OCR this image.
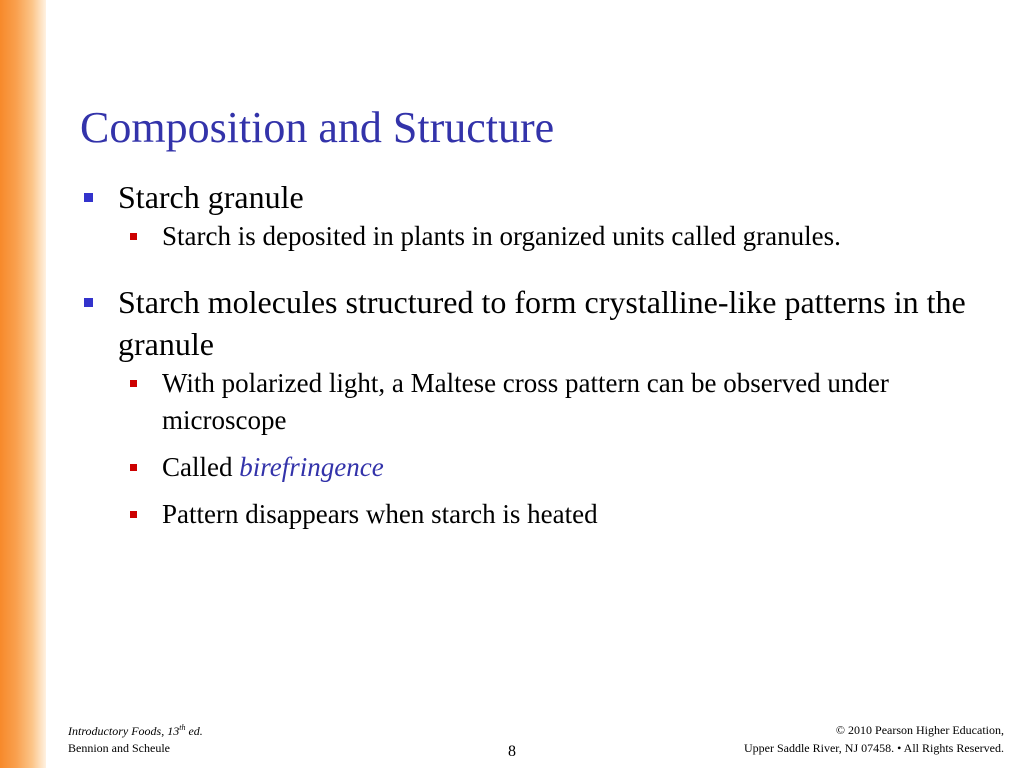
Composition and Structure
Starch granule
Starch is deposited in plants in organized units called granules.
Starch molecules structured to form crystalline-like patterns in the granule
With polarized light, a Maltese cross pattern can be observed under microscope
Called birefringence
Pattern disappears when starch is heated
Introductory Foods, 13th ed.
Bennion and Scheule	8
© 2010 Pearson Higher Education,
Upper Saddle River, NJ 07458. • All Rights Reserved.
